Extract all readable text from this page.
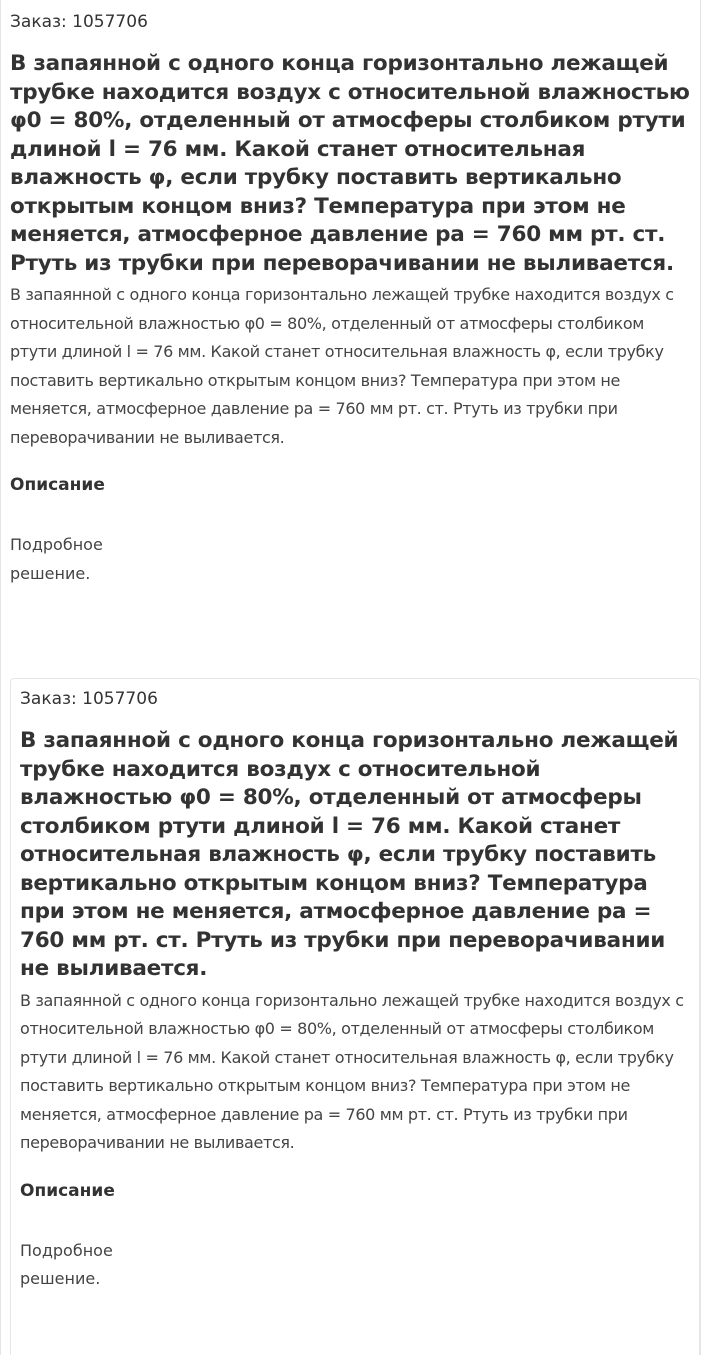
Заказ: 1057706

В запаянной с одного конца горизонтально лежащей трубке находится воздух с относительной влажностью φ0 = 80%, отделенный от атмосферы столбиком ртути длиной l = 76 мм. Какой станет относительная влажность φ, если трубку поставить вертикально открытым концом вниз? Температура при этом не меняется, атмосферное давление pa = 760 мм рт. ст. Ртуть из трубки при переворачивании не выливается.

В запаянной с одного конца горизонтально лежащей трубке находится воздух с относительной влажностью φ0 = 80%, отделенный от атмосферы столбиком ртути длиной l = 76 мм. Какой станет относительная влажность φ, если трубку поставить вертикально открытым концом вниз? Температура при этом не меняется, атмосферное давление pa = 760 мм рт. ст. Ртуть из трубки при переворачивании не выливается.

Описание

Подробное решение.

Заказ: 1057706

В запаянной с одного конца горизонтально лежащей трубке находится воздух с относительной влажностью φ0 = 80%, отделенный от атмосферы столбиком ртути длиной l = 76 мм. Какой станет относительная влажность φ, если трубку поставить вертикально открытым концом вниз? Температура при этом не меняется, атмосферное давление pa = 760 мм рт. ст. Ртуть из трубки при переворачивании не выливается.

В запаянной с одного конца горизонтально лежащей трубке находится воздух с относительной влажностью φ0 = 80%, отделенный от атмосферы столбиком ртути длиной l = 76 мм. Какой станет относительная влажность φ, если трубку поставить вертикально открытым концом вниз? Температура при этом не меняется, атмосферное давление pa = 760 мм рт. ст. Ртуть из трубки при переворачивании не выливается.

Описание

Подробное решение.
